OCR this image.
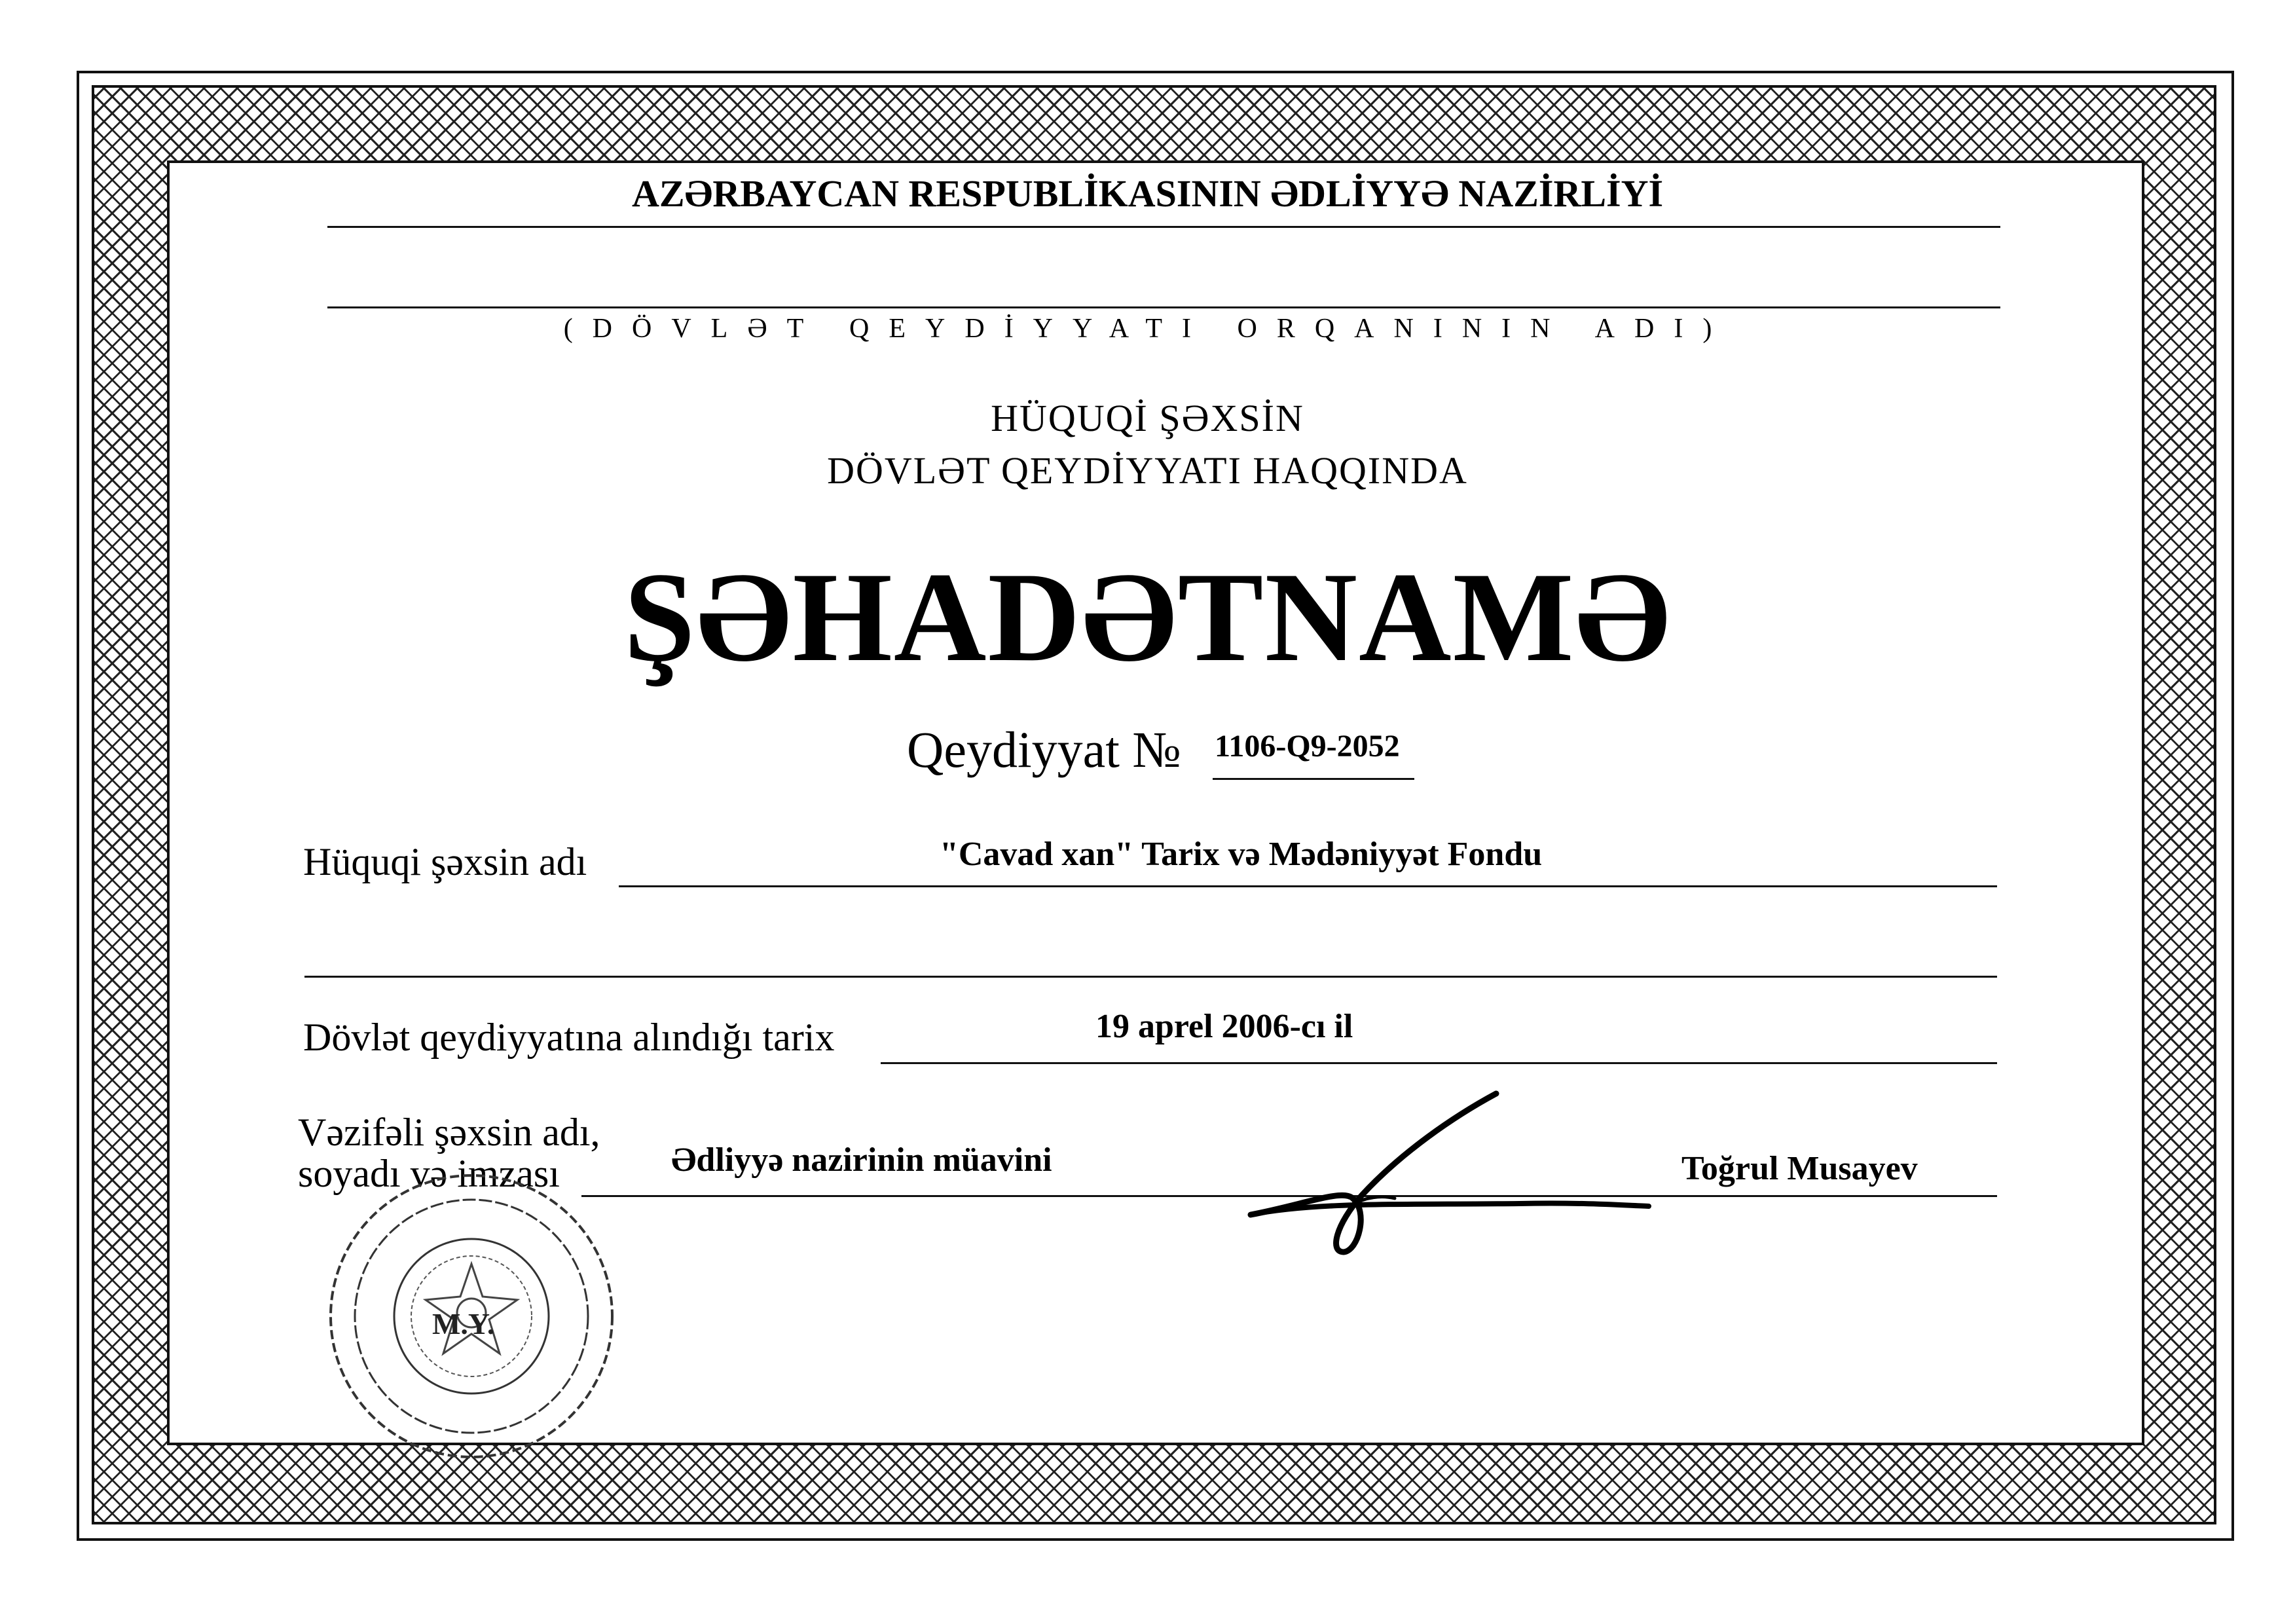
AZƏRBAYCAN RESPUBLİKASININ ƏDLİYYƏ NAZİRLİYİ
(DÖVLƏT QEYDİYYATI ORQANININ ADI)
HÜQUQİ ŞƏXSİN
DÖVLƏT QEYDİYYATI HAQQINDA
ŞƏHADƏTNAMƏ
Qeydiyyat № 1106-Q9-2052
Hüquqi şəxsin adı	"Cavad xan" Tarix və Mədəniyyət Fondu
Dövlət qeydiyyatına alındığı tarix	19 aprel 2006-cı il
Vəzifəli şəxsin adı,
soyadı və imzası	Ədliyyə nazirinin müavini	Toğrul Musayev
M.Y.
